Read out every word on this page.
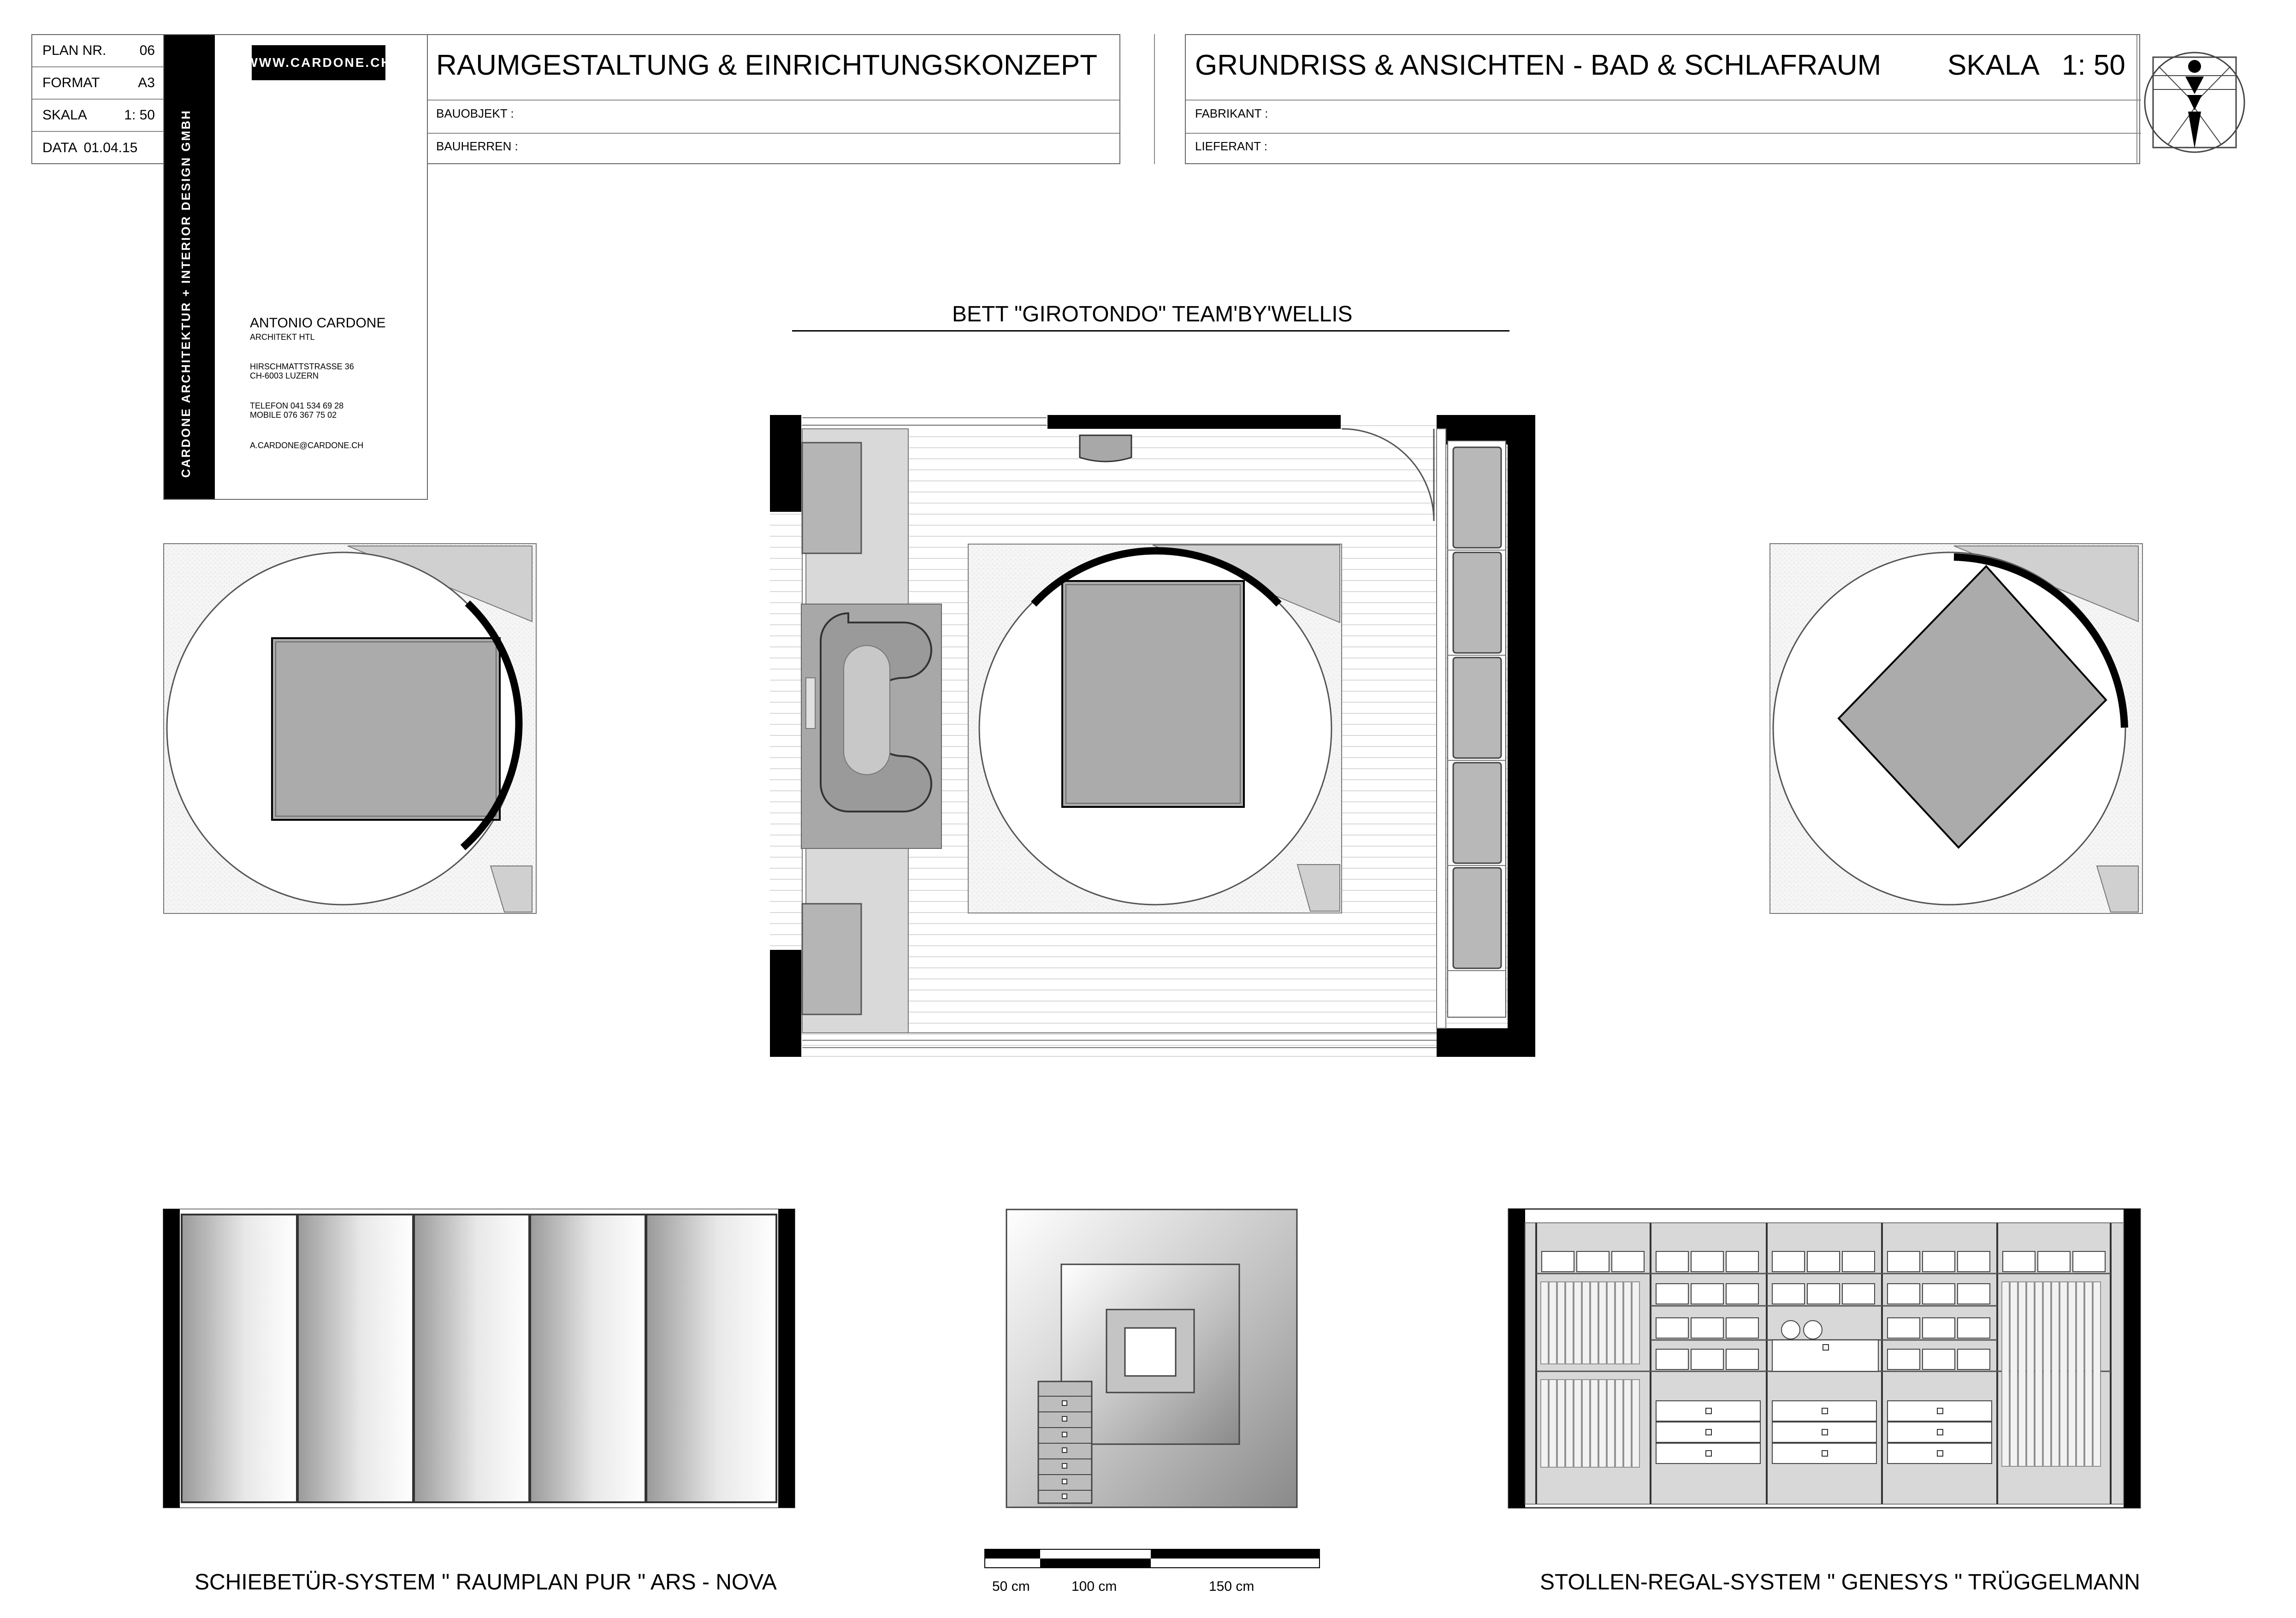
PLAN NR. 06
FORMAT	A3
SKALA	1: 50
DATA 01.04.15	CARDONE ARCHITEKTUR + INTERIOR DESIGN GMBH
WWW.CARDONE.CH
ANTONIO CARDONE
ARCHITEKT HTL
HIRSCHMATTSTRASSE 36
CH-6003 LUZERN
TELEFON 041 534 69 28
MOBILE 076 367 75 02
A.CARDONE@CARDONE.CH
RAUMGESTALTUNG & EINRICHTUNGSKONZEPT
BAUOBJEKT :
BAUHERREN :
GRUNDRISS & ANSICHTEN - BAD & SCHLAFRAUM SKALA 1: 50
FABRIKANT :
LIEFERANT :
BETT "GIROTONDO" TEAM'BY'WELLIS
SCHIEBETÜR-SYSTEM " RAUMPLAN PUR " ARS - NOVA	50 cm	100 cm	150 cm	STOLLEN-REGAL-SYSTEM " GENESYS " TRÜGGELMANN
